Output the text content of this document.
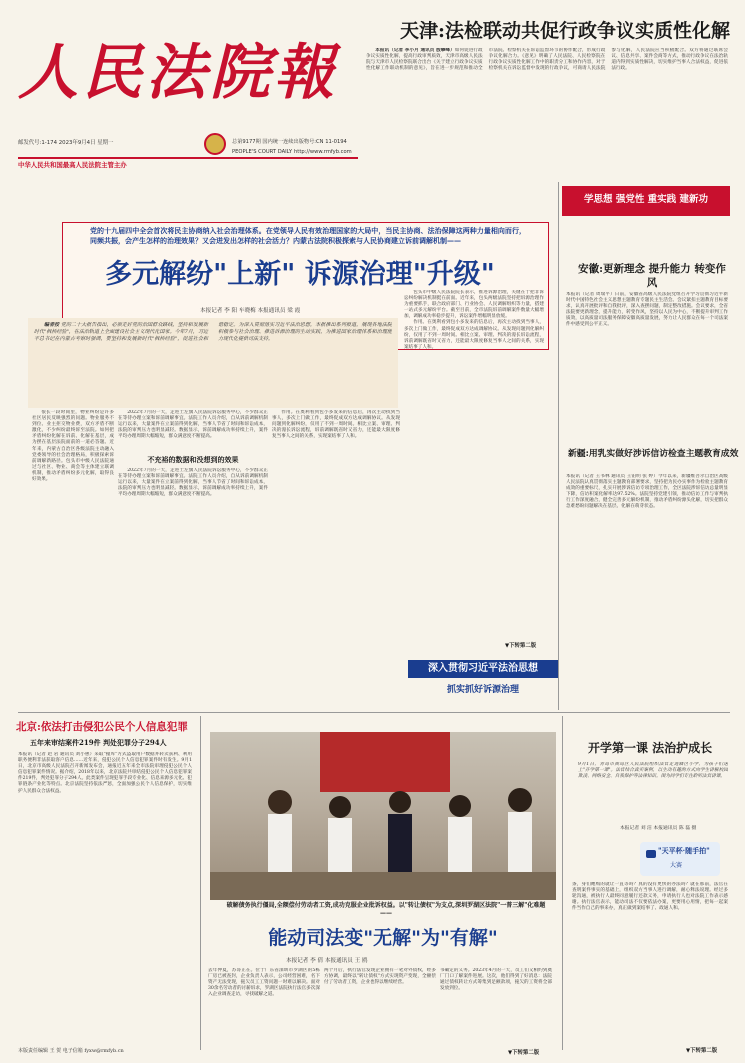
人民法院報
邮发代号:1-174 2023年9月4日 星期一	总第9177期 国内统一连续出版物号:CN 11-0194
PEOPLE'S COURT DAILY http://www.rmfyb.com
中华人民共和国最高人民法院主管主办
天津:法检联动共促行政争议实质性化解

本报讯（记者 李小月 通讯员 殷攀峰）如何促进行政争议实质性化解，提高行政审判质效，天津市高级人民法院与天津市人民检察院联合出台《关于建立行政争议实质性化解工作联动机制的意见》，旨在进一步规范和推动全市法院、检察机关在诉讼监督环节的协作配合，形成行政争议化解合力。《意见》明确了人民法院、人民检察院在行政争议实质性化解工作中的职责分工和协作内容，对于检察机关在诉讼监督中发现的行政争议，可商请人民法院参与化解，人民法院应当积极配合。双方将通过联席会议、信息共享、案件会商等方式，推动行政争议在法治轨道内得到实质性解决，切实维护当事人合法权益，促进依法行政。

党的十九届四中全会首次将民主协商纳入社会治理体系。在党领导人民有效治理国家的大局中，当民主协商、法治保障这两种力量相向而行，同频共振，会产生怎样的治理效果？又会迸发出怎样的社会活力？内蒙古法院积极探索与人民协商建立诉前调解机制——
多元解纷"上新" 诉源治理"升级"
本报记者 李 阳 车晓梅 本报通讯员 梁 霞

编者按 党的二十大报告指出，必须走好党的治国群众路线，坚持和发展新时代"枫桥经验"，在法治轨道上全面建设社会主义现代化国家。今年7月，习近平总书记在内蒙古考察时强调，要坚持和发展新时代"枫桥经验"，促进社会和谐稳定。为深入贯彻落实习近平法治思想，本报推出系列报道，展现各地法院积极参与社会治理、推进诉源治理的生动实践，为推进国家治理体系和治理能力现代化提供司法支持。

很长一段时间里，物业纠纷是许多社区居民反映强烈的问题。物业服务不到位、业主拒交物业费，双方矛盾不断激化，不少纠纷最终诉至法院。如何把矛盾纠纷化解在诉前、化解在基层，成为摆在基层法院面前的一道必答题。近年来，内蒙古自治区各级法院主动融入党委领导的社会治理格局，积极探索诉前调解新路径。包头市中级人民法院通过与社区、物业、商会等主体建立联调机制，推动矛盾纠纷多元化解，取得良好效果。

2022年7月的一天，走进土左旗人民法院诉讼服务中心，不少群众正在等待办理立案和诉前调解事宜。法院工作人员介绍，自从诉前调解机制运行以来，大量案件在立案前得到化解，当事人节省了时间和诉讼成本，法院的审判压力也明显减轻。数据显示，诉前调解成功率持续上升，案件平均办理周期大幅缩短，群众满意度不断提高。

不充裕的数据和没想到的效果

2022年7月的一天，走进土左旗人民法院诉讼服务中心，不少群众正在等待办理立案和诉前调解事宜。法院工作人员介绍，自从诉前调解机制运行以来，大量案件在立案前得到化解，当事人节省了时间和诉讼成本，法院的审判压力也明显减轻。数据显示，诉前调解成功率持续上升，案件平均办理周期大幅缩短，群众满意度不断提高。

作用。在奥利看到包小多发来的信息后，再次主动找到当事人，多次上门做工作，最终促成双方达成调解协议。从发现问题到化解纠纷，仅用了不到一周时间。相比立案、审理、判决的漫长诉讼流程，诉前调解既省时又省力，还能最大限度修复当事人之间的关系，实现案结事了人和。

包头市中级人民法院院长表示，推进诉源治理，关键在于把非诉讼纠纷解决机制挺在前面。近年来，包头两级法院坚持把诉源治理作为重要抓手，联合政府部门、行业协会、人民调解组织等力量，搭建一站式多元解纷平台。截至目前，全市法院诉前调解案件数量大幅增加，调解成功率稳步提升，诉讼案件增幅明显放缓。

作用。在奥利看到包小多发来的信息后，再次主动找到当事人，多次上门做工作，最终促成双方达成调解协议。从发现问题到化解纠纷，仅用了不到一周时间。相比立案、审理、判决的漫长诉讼流程，诉前调解既省时又省力，还能最大限度修复当事人之间的关系，实现案结事了人和。

▼下转第二版
学思想 强党性 重实践 建新功
安徽:更新理念 提升能力 转变作风
本报讯（记者 周瑞平）日前，安徽省高级人民法院党组召开学习贯彻习近平新时代中国特色社会主义思想主题教育专题民主生活会。会议紧扣主题教育目标要求，认真开展批评和自我批评，深入查摆问题，制定整改措施。会议要求，全省法院要更新理念，提升能力，转变作风，坚持以人民为中心，不断提升审判工作质效，以高质量司法服务保障安徽高质量发展，努力让人民群众在每一个司法案件中感受到公平正义。
新疆:用乳实做好涉诉信访检查主题教育成效
本报讯（记者 王书林 通讯员 王铂明 张 婷）今年以来，新疆维吾尔自治区高级人民法院认真贯彻落实主题教育部署要求，坚持把为民办实事作为检验主题教育成效的重要标尺，扎实开展涉诉信访专项治理工作，全区法院涉诉信访总量明显下降，信访积案化解率达97.52%。法院坚持党建引领，推动信访工作与审判执行工作深度融合，健全完善多元解纷机制，推动矛盾纠纷源头化解，切实把群众急难愁盼问题解决在基层、化解在萌芽状态。
深入贯彻习近平法治思想
抓实抓好诉源治理
北京:依法打击侵犯公民个人信息犯罪
五年来审结案件219件 判处犯罪分子294人
本报讯（记者 赵 岩 通讯员 刘小惠）采取"撞库"方式盗取用户数据并转卖获利、利用职务便利非法获取客户信息……近年来，侵犯公民个人信息犯罪案件时有发生。9月1日，北京市高级人民法院召开新闻发布会，通报近五年来全市法院审理侵犯公民个人信息犯罪案件情况。据介绍，2018年以来，北京法院共审结侵犯公民个人信息犯罪案件219件，判处犯罪分子294人。此类案件呈现犯罪手段专业化、信息来源多元化、犯罪链条产业化等特点。北京法院坚持依法严惩，全面加强公民个人信息保护，切实维护人民群众合法权益。
本版责任编辑 王 贺 电子信箱 fyxw@rmfyb.cn
破解债务执行僵局,全额偿付劳动者工资,成功克服企业批诉权益。以"转让债权"为支点,深圳罗湖区法院"一普三解"化难题——
能动司法变"无解"为"有解"
本报记者 李 倩 本报通讯员 王 鸥
去年仲夏，苏哥正在。位于广东省深圳市罗湖区的5栋厂房已被查封，企业负责人表示，公司经营困难，名下资产无法变现，拖欠员工工资问题一时难以解决。面对30余名劳动者的讨薪诉求，罗湖区法院执行法官多次深入企业调查走访，寻找破解之道。
两个月后，执行法官发现企业拥有一笔对外债权，经多方协调，最终以"转让债权"方式实现资产变现，全额偿付了劳动者工资，企业也得以继续经营。
书确定的义务。2023年4月的一天，员工们又相约到奠厂门口了解案件进展。这次，他们得到了好消息：法院通过债权转让方式筹集到足额款项，拖欠的工资将全部发放到位。
▼下转第二版
开学第一课 法治护成长
9月1日，青岛市黄岛区人民法院组织法官走进辖区小学，为孩子们送上"开学第一课"。法官结合真实案例，以生动有趣的方式向学生讲解校园欺凌、网络安全、自我保护等法律知识。图为同学们专注聆听法官讲课。
本报记者 刘 洁 本报通讯员 陈 磊 摄
"天平杯·随手拍"
大赛
条，身们她购的就让一直等吗？真的没有更快的办法吗？就在那前，法官在查明案件事实的基础上，组织双方当事人进行调解，耐心释法说理。经过多轮沟通，被执行人最终同意履行还款义务，申请执行人也对法院工作表示感谢。执行法官表示，能动司法不仅要依法办案，更要用心用情，把每一起案件当作自己的事来办，真正做到案结事了、政通人和。
▼下转第二版
